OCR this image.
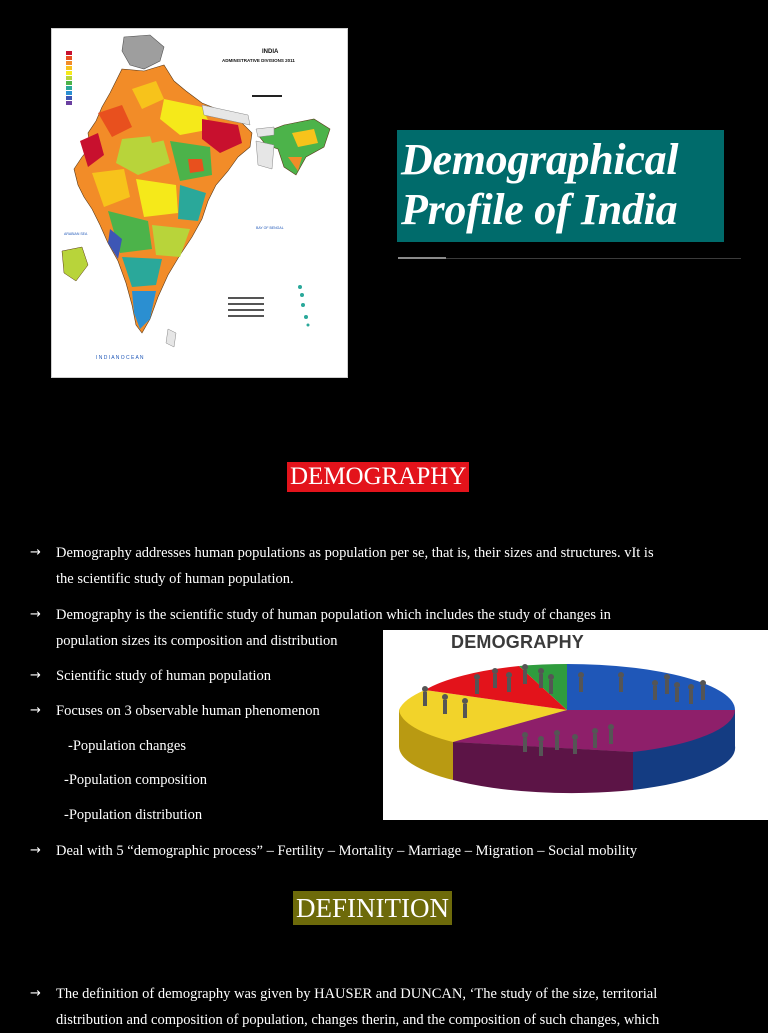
INDIA
ADMINISTRATIVE DIVISIONS 2011
ARABIAN SEA
BAY OF BENGAL
I N D I A N O C E A N
Demographical
Profile of India
DEMOGRAPHY
→ Demography addresses human populations as population per se, that is, their sizes and structures. vIt is
the scientific study of human population.
→ Demography is the scientific study of human population which includes the study of changes in
population sizes its composition and distribution
→ Scientific study of human population
→ Focuses on 3 observable human phenomenon
-Population changes
-Population composition
-Population distribution
→ Deal with 5 “demographic process” – Fertility – Mortality – Marriage – Migration – Social mobility
DEMOGRAPHY
DEFINITION
→ The definition of demography was given by HAUSER and DUNCAN, ‘The study of the size, territorial
distribution and composition of population, changes therin, and the composition of such changes, which
